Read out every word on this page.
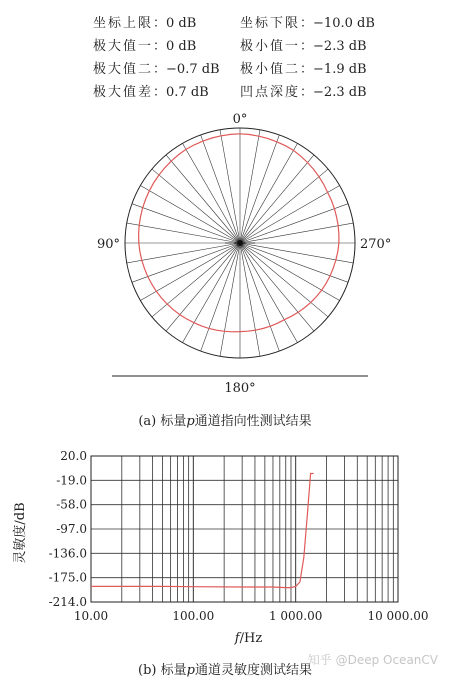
坐标上限：0 dB	坐标下限：−10.0 dB
极大值一：0 dB	极小值一：−2.3 dB
极大值二：−0.7 dB 极小值二：−1.9 dB
极大值差：0.7 dB 凹点深度：−2.3 dB
0°
90°
180°
270°
(a) 标量p通道指向性测试结果
20.0
-19.0
-58.0
-97.0
-136.0
-175.0
-214.0
10.00	100.00	1 000.00	10 000.00
f/Hz
灵敏度/dB
(b) 标量p通道灵敏度测试结果
知乎 @Deep OceanCV
